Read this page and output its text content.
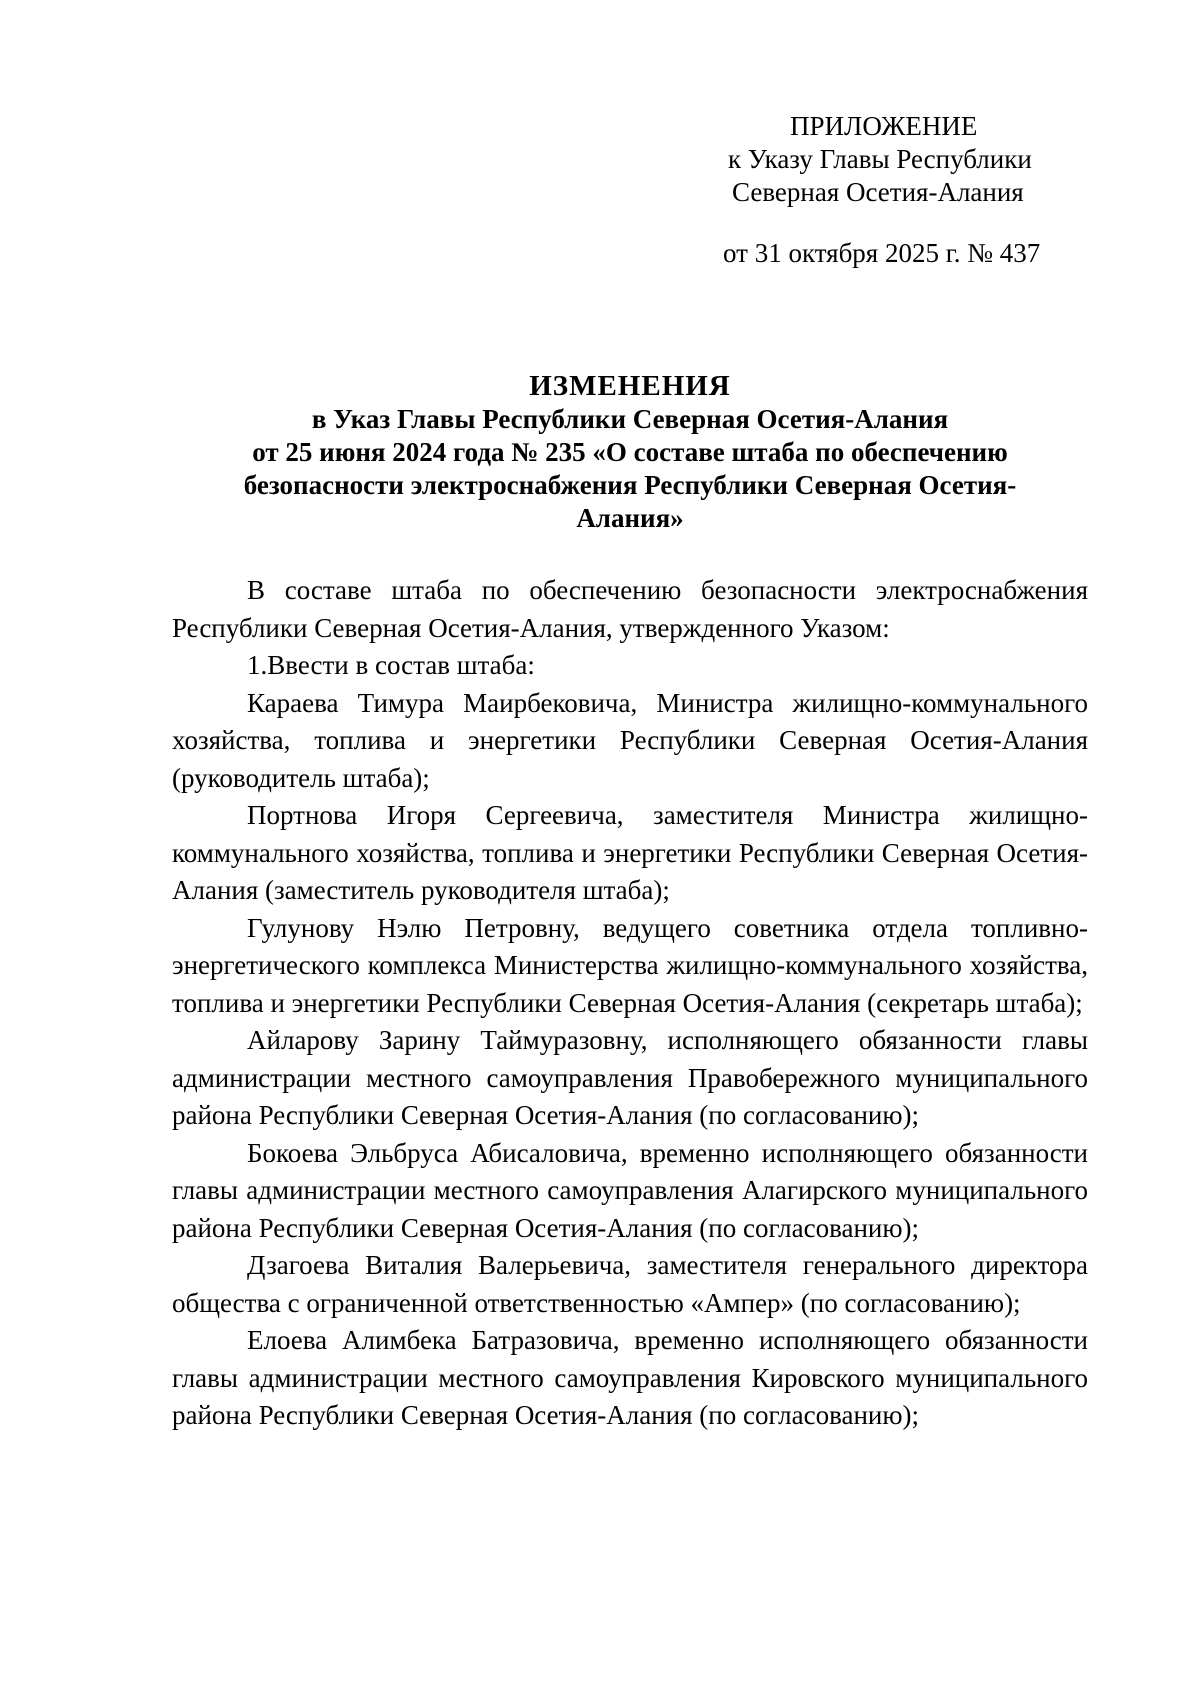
ПРИЛОЖЕНИЕ
к Указу Главы Республики
Северная Осетия-Алания
от 31 октября 2025 г. № 437
ИЗМЕНЕНИЯ
в Указ Главы Республики Северная Осетия-Алания
от 25 июня 2024 года № 235 «О составе штаба по обеспечению
безопасности электроснабжения Республики Северная Осетия-
Алания»

В составе штаба по обеспечению безопасности электроснабжения Республики Северная Осетия-Алания, утвержденного Указом:

1.Ввести в состав штаба:

Караева Тимура Маирбековича, Министра жилищно-коммунального хозяйства, топлива и энергетики Республики Северная Осетия-Алания (руководитель штаба);

Портнова Игоря Сергеевича, заместителя Министра жилищно-коммунального хозяйства, топлива и энергетики Республики Северная Осетия-Алания (заместитель руководителя штаба);

Гулунову Нэлю Петровну, ведущего советника отдела топливно-энергетического комплекса Министерства жилищно-коммунального хозяйства, топлива и энергетики Республики Северная Осетия-Алания (секретарь штаба);

Айларову Зарину Таймуразовну, исполняющего обязанности главы администрации местного самоуправления Правобережного муниципального района Республики Северная Осетия-Алания (по согласованию);

Бокоева Эльбруса Абисаловича, временно исполняющего обязанности главы администрации местного самоуправления Алагирского муниципального района Республики Северная Осетия-Алания (по согласованию);

Дзагоева Виталия Валерьевича, заместителя генерального директора общества с ограниченной ответственностью «Ампер» (по согласованию);

Елоева Алимбека Батразовича, временно исполняющего обязанности главы администрации местного самоуправления Кировского муниципального района Республики Северная Осетия-Алания (по согласованию);
